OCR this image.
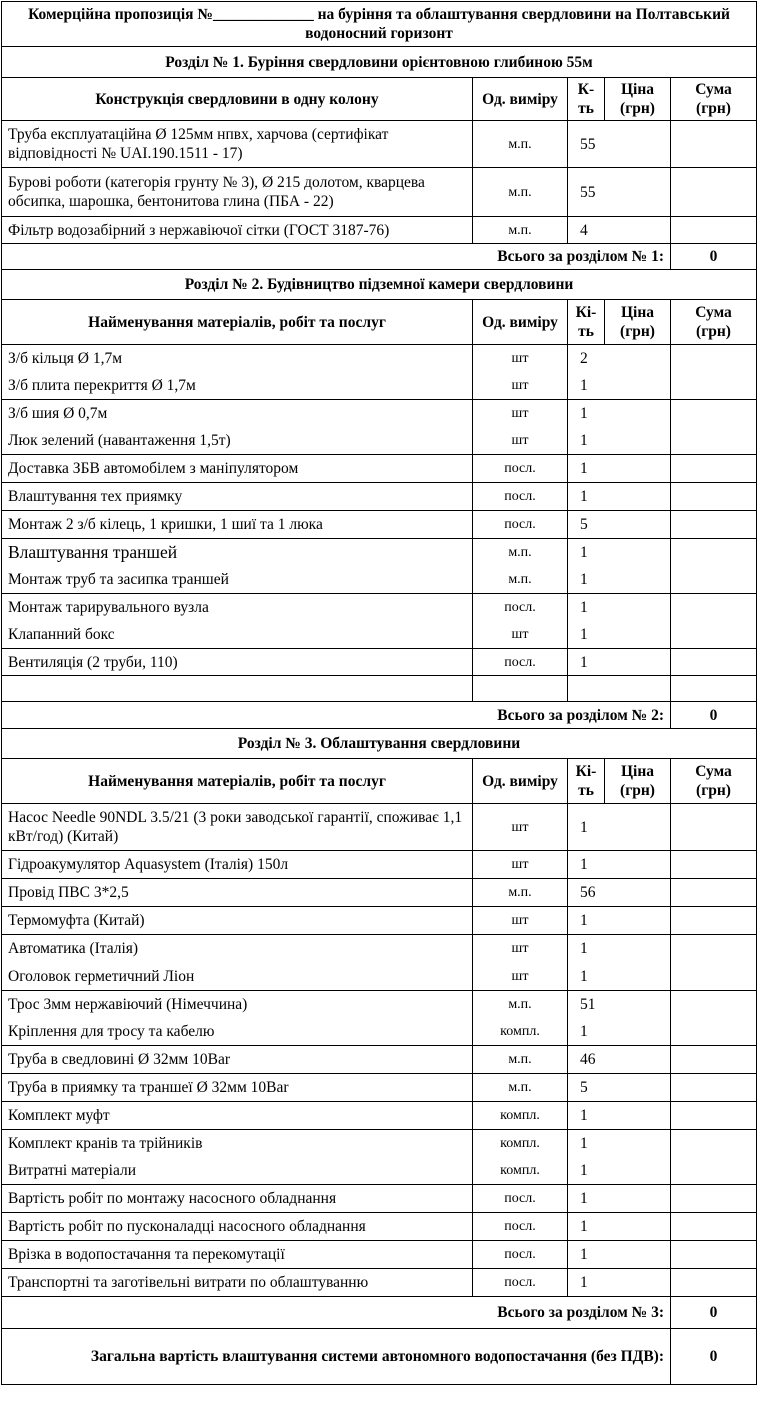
Комерційна пропозиція №_____________ на буріння та облаштування свердловини на Полтавський водоносний горизонт				
Розділ № 1. Буріння свердловини орієнтовною глибиною 55м				
Конструкція свердловини в одну колону	Од. виміру	К-ть	Ціна (грн)	Сума (грн)
Труба експлуатаційна Ø 125мм нпвх, харчова (сертифікат відповідності № UAI.190.1511 - 17)	м.п.	55		
Бурові роботи (категорія грунту № 3), Ø 215 долотом, кварцева обсипка, шарошка, бентонитова глина (ПБА - 22)	м.п.	55		
Фільтр водозабірний з нержавіючої сітки (ГОСТ 3187-76)	м.п.	4		
Всього за розділом № 1:				0
Розділ № 2. Будівництво підземної камери свердловини				
Найменування матеріалів, робіт та послуг	Од. виміру	Кі-ть	Ціна (грн)	Сума (грн)
З/б кільця Ø 1,7м	шт	2		
З/б плита перекриття Ø 1,7м	шт	1		
З/б шия Ø 0,7м	шт	1		
Люк зелений (навантаження 1,5т)	шт	1		
Доставка ЗБВ автомобілем з маніпулятором	посл.	1		
Влаштування тех приямку	посл.	1		
Монтаж 2 з/б кілець, 1 кришки, 1 шиї та 1 люка	посл.	5		
Влаштування траншей	м.п.	1		
Монтаж труб та засипка траншей	м.п.	1		
Монтаж тарирувального вузла	посл.	1		
Клапанний бокс	шт	1		
Вентиляція (2 труби, 110)	посл.	1		

Всього за розділом № 2:				0
Розділ № 3. Облаштування свердловини				
Найменування матеріалів, робіт та послуг	Од. виміру	Кі-ть	Ціна (грн)	Сума (грн)
Насос Needle 90NDL 3.5/21 (3 роки заводської гарантії, споживає 1,1 кВт/год) (Китай)	шт	1		
Гідроакумулятор Aquasystem (Італія) 150л	шт	1		
Провід ПВС 3*2,5	м.п.	56		
Термомуфта (Китай)	шт	1		
Автоматика (Італія)	шт	1		
Оголовок герметичний Ліон	шт	1		
Трос 3мм нержавіючий (Німеччина)	м.п.	51		
Кріплення для тросу та кабелю	компл.	1		
Труба в сведловині Ø 32мм 10Bar	м.п.	46		
Труба в приямку та траншеї Ø 32мм 10Bar	м.п.	5		
Комплект муфт	компл.	1		
Комплект кранів та трійників	компл.	1		
Витратні матеріали	компл.	1		
Вартість робіт по монтажу насосного обладнання	посл.	1		
Вартість робіт по пусконаладці насосного обладнання	посл.	1		
Врізка в водопостачання та перекомутації	посл.	1		
Транспортні та заготівельні витрати по облаштуванню	посл.	1		
Всього за розділом № 3:				0
Загальна вартість влаштування системи автономного водопостачання (без ПДВ):				0
